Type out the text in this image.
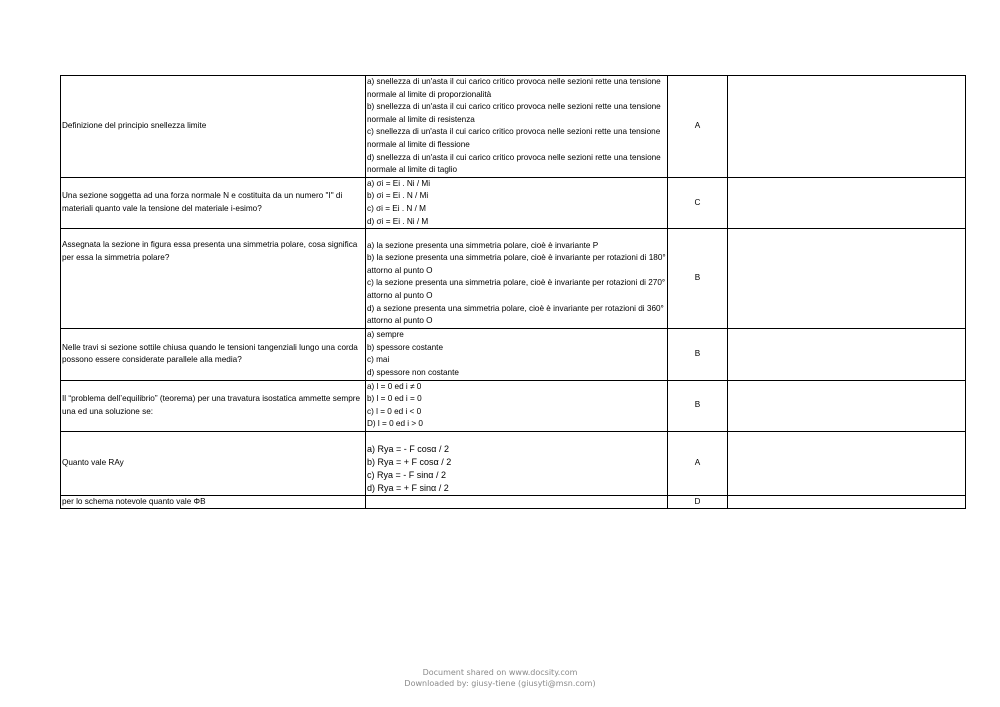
Definizione del principio snellezza limite	a) snellezza di un'asta il cui carico critico provoca nelle sezioni rette una tensione normale al limite di proporzionalità
b) snellezza di un'asta il cui carico critico provoca nelle sezioni rette una tensione normale al limite di resistenza
c) snellezza di un'asta il cui carico critico provoca nelle sezioni rette una tensione normale al limite di flessione
d) snellezza di un'asta il cui carico critico provoca nelle sezioni rette una tensione normale al limite di taglio	A	

Una sezione soggetta ad una forza normale N e costituita da un numero "I" di materiali quanto vale la tensione del materiale i-esimo?	a) σi = Ei . Ni / Mi
b) σi = Ei . N / Mi
c) σi = Ei . N / M
d) σi = Ei . Ni / M	C	

Assegnata la sezione in figura essa presenta una simmetria polare, cosa significa per essa la simmetria polare?	a) la sezione presenta una simmetria polare, cioè è invariante P
b) la sezione presenta una simmetria polare, cioè è invariante per rotazioni di 180° attorno al punto O
c) la sezione presenta una simmetria polare, cioè è invariante per rotazioni di 270° attorno al punto O
d) a sezione presenta una simmetria polare, cioè è invariante per rotazioni di 360° attorno al punto O	B	

Nelle travi si sezione sottile chiusa quando le tensioni tangenziali lungo una corda possono essere considerate parallele alla media?	a) sempre
b) spessore costante
c) mai
d) spessore non costante	B	

Il “problema dell’equilibrio” (teorema) per una travatura isostatica ammette sempre una ed una soluzione se:	a) l = 0 ed i ≠ 0
b) l = 0 ed i = 0
c) l = 0 ed i < 0
D) l = 0 ed i > 0	B	

Quanto vale RAy	a) Rya = - F cosα / 2
b) Rya = + F cosα / 2
c) Rya = - F sinα / 2
d) Rya = + F sinα / 2	A	

per lo schema notevole quanto vale ΦB		D	
Document shared on www.docsity.com
Downloaded by: giusy-tiene (giusyti@msn.com)
